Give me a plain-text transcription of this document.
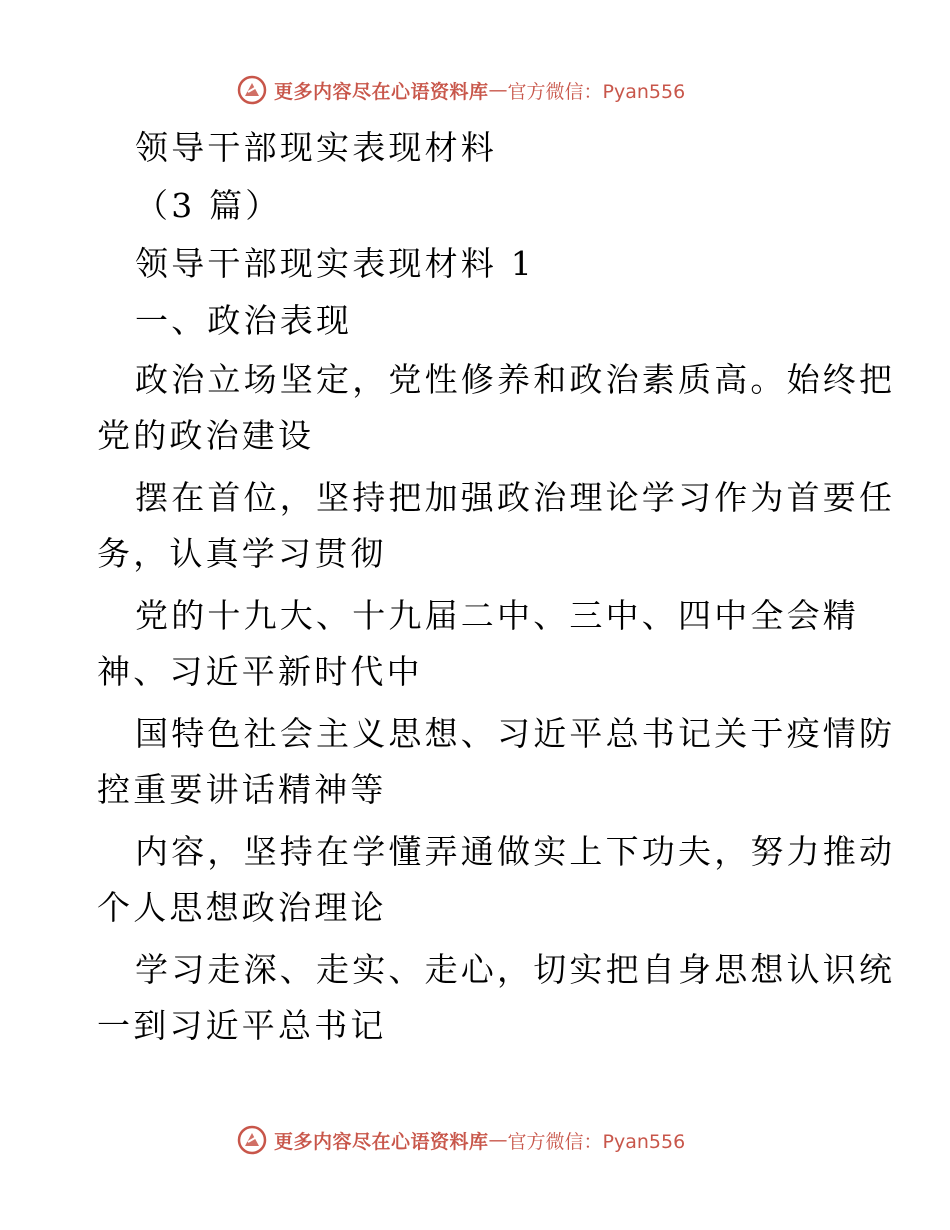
更多内容尽在心语资料库 — 官方微信：Pyan556
领导干部现实表现材料
（3 篇）
领导干部现实表现材料 1
一、政治表现
政治立场坚定，党性修养和政治素质高。始终把
党的政治建设
摆在首位，坚持把加强政治理论学习作为首要任
务，认真学习贯彻
党的十九大、十九届二中、三中、四中全会精
神、习近平新时代中
国特色社会主义思想、习近平总书记关于疫情防
控重要讲话精神等
内容，坚持在学懂弄通做实上下功夫，努力推动
个人思想政治理论
学习走深、走实、走心，切实把自身思想认识统
一到习近平总书记
更多内容尽在心语资料库 — 官方微信：Pyan556
